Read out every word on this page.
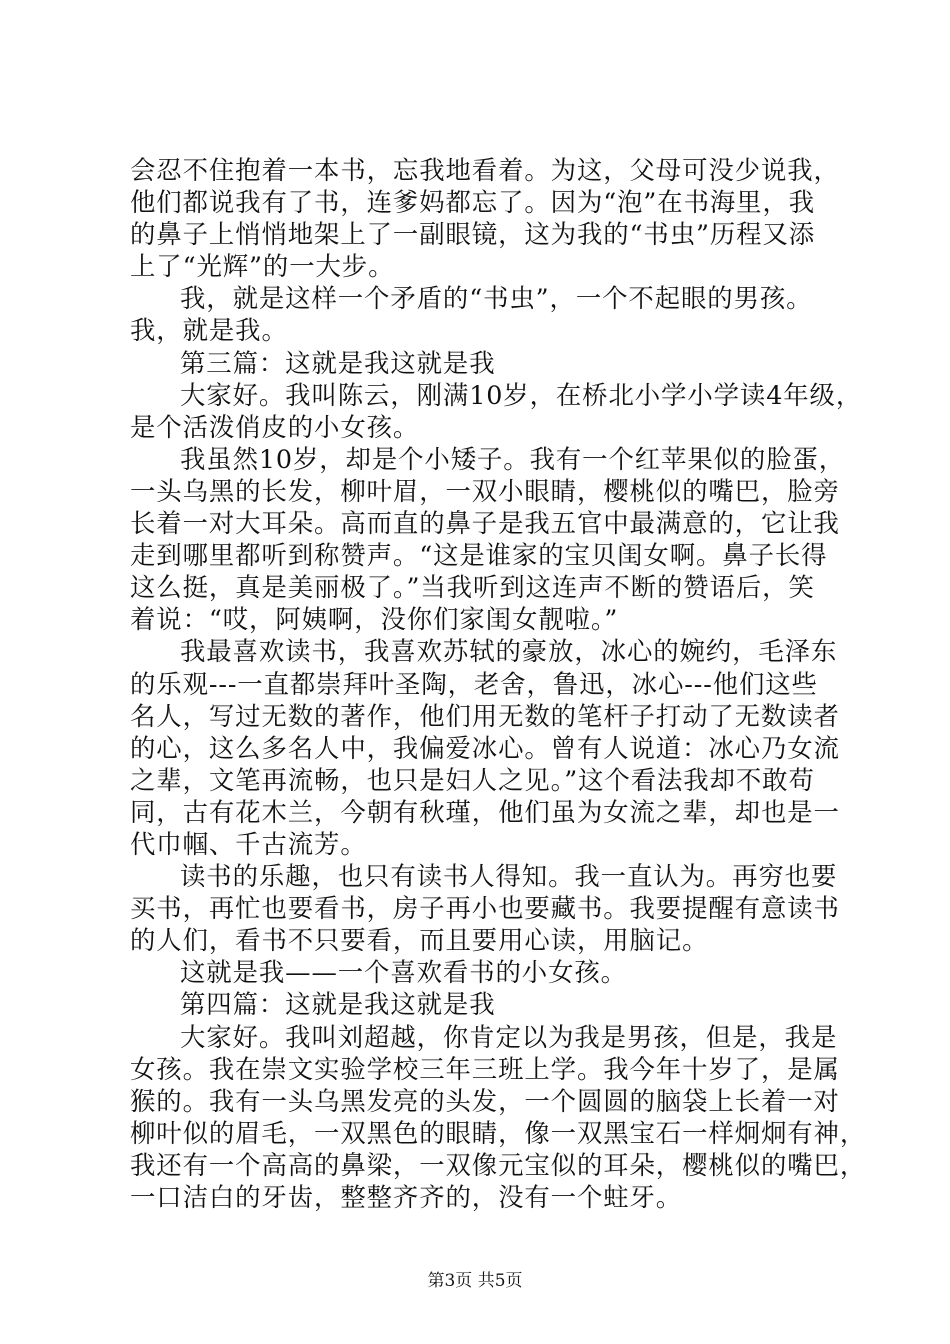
会忍不住抱着一本书，忘我地看着。为这，父母可没少说我，
他们都说我有了书，连爹妈都忘了。因为“泡”在书海里，我
的鼻子上悄悄地架上了一副眼镜，这为我的“书虫”历程又添
上了“光辉”的一大步。
我，就是这样一个矛盾的“书虫”，一个不起眼的男孩。
我，就是我。
第三篇：这就是我这就是我
大家好。我叫陈云，刚满10岁，在桥北小学小学读4年级，
是个活泼俏皮的小女孩。
我虽然10岁，却是个小矮子。我有一个红苹果似的脸蛋，
一头乌黑的长发，柳叶眉，一双小眼睛，樱桃似的嘴巴，脸旁
长着一对大耳朵。高而直的鼻子是我五官中最满意的，它让我
走到哪里都听到称赞声。“这是谁家的宝贝闺女啊。鼻子长得
这么挺，真是美丽极了。”当我听到这连声不断的赞语后，笑
着说：“哎，阿姨啊，没你们家闺女靓啦。”
我最喜欢读书，我喜欢苏轼的豪放，冰心的婉约，毛泽东
的乐观---一直都崇拜叶圣陶，老舍，鲁迅，冰心---他们这些
名人，写过无数的著作，他们用无数的笔杆子打动了无数读者
的心，这么多名人中，我偏爱冰心。曾有人说道：冰心乃女流
之辈，文笔再流畅，也只是妇人之见。”这个看法我却不敢苟
同，古有花木兰，今朝有秋瑾，他们虽为女流之辈，却也是一
代巾帼、千古流芳。
读书的乐趣，也只有读书人得知。我一直认为。再穷也要
买书，再忙也要看书，房子再小也要藏书。我要提醒有意读书
的人们，看书不只要看，而且要用心读，用脑记。
这就是我——一个喜欢看书的小女孩。
第四篇：这就是我这就是我
大家好。我叫刘超越，你肯定以为我是男孩，但是，我是
女孩。我在崇文实验学校三年三班上学。我今年十岁了，是属
猴的。我有一头乌黑发亮的头发，一个圆圆的脑袋上长着一对
柳叶似的眉毛，一双黑色的眼睛，像一双黑宝石一样炯炯有神，
我还有一个高高的鼻梁，一双像元宝似的耳朵，樱桃似的嘴巴，
一口洁白的牙齿，整整齐齐的，没有一个蛀牙。
第3页 共5页
